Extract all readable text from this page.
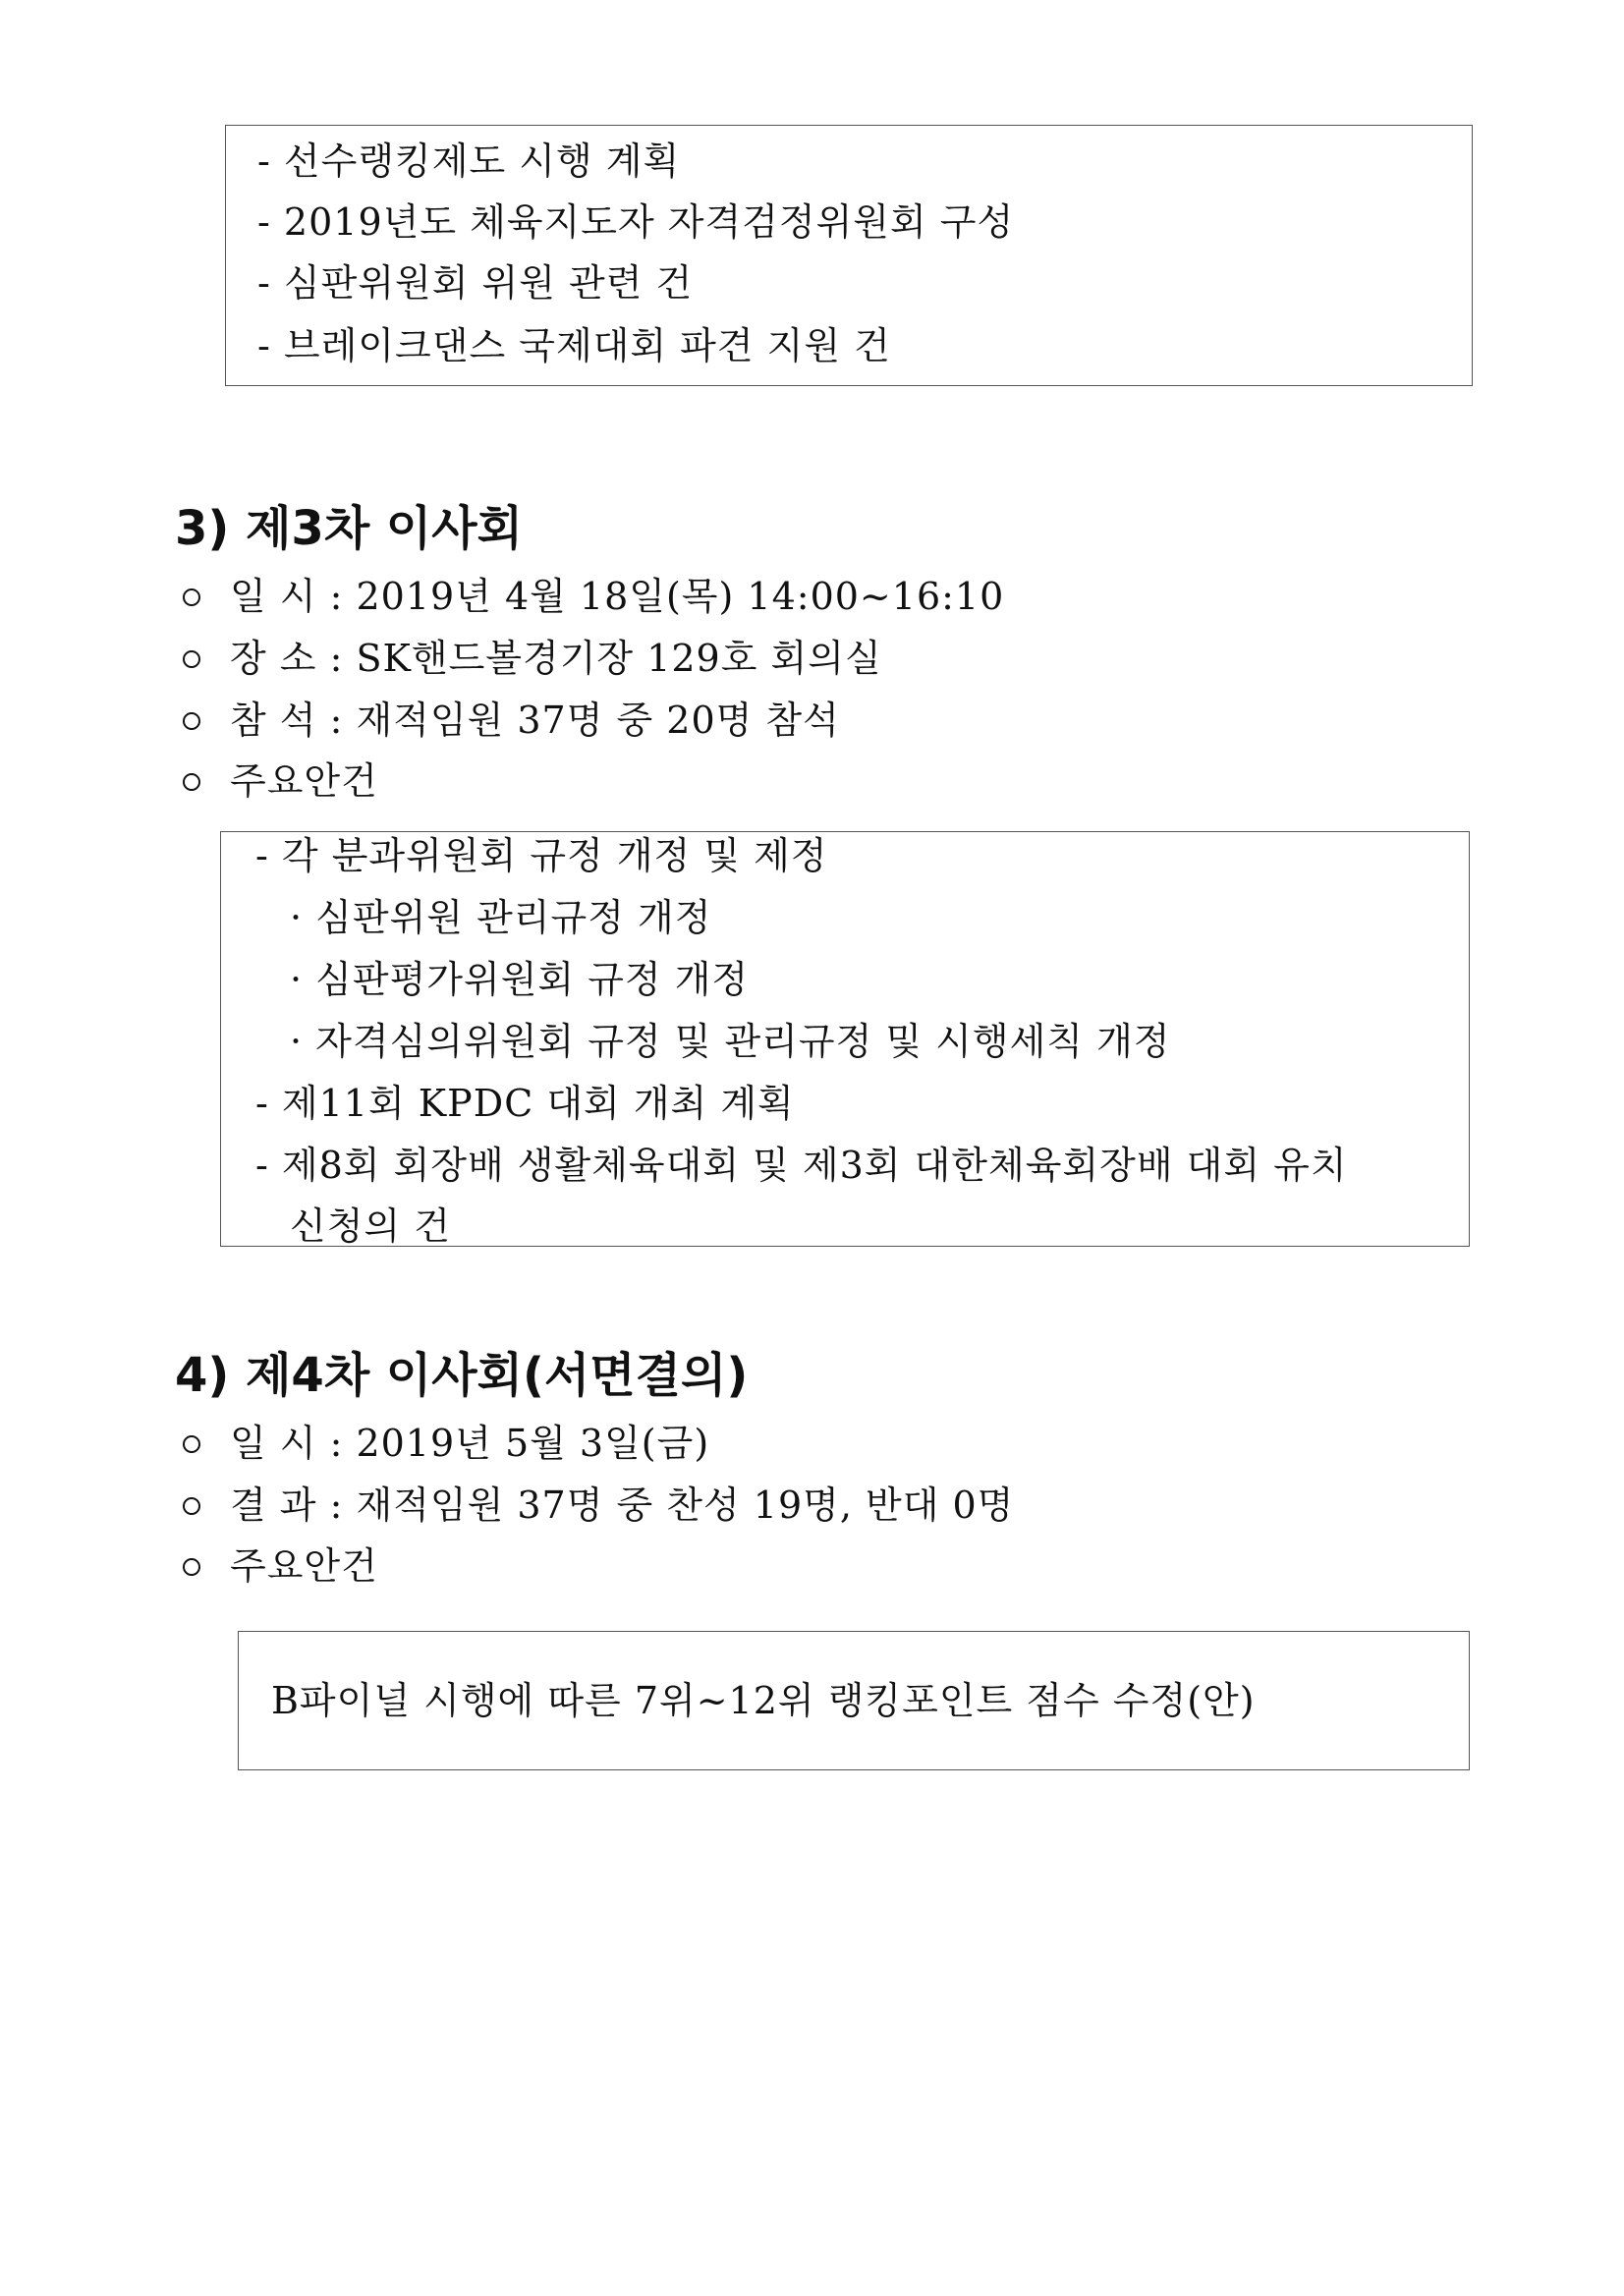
- 선수랭킹제도 시행 계획
- 2019년도 체육지도자 자격검정위원회 구성
- 심판위원회 위원 관련 건
- 브레이크댄스 국제대회 파견 지원 건
3) 제3차 이사회
일 시 : 2019년 4월 18일(목) 14:00~16:10
장 소 : SK핸드볼경기장 129호 회의실
참 석 : 재적임원 37명 중 20명 참석
주요안건
- 각 분과위원회 규정 개정 및 제정
· 심판위원 관리규정 개정
· 심판평가위원회 규정 개정
· 자격심의위원회 규정 및 관리규정 및 시행세칙 개정
- 제11회 KPDC 대회 개최 계획
- 제8회 회장배 생활체육대회 및 제3회 대한체육회장배 대회 유치
신청의 건
4) 제4차 이사회(서면결의)
일 시 : 2019년 5월 3일(금)
결 과 : 재적임원 37명 중 찬성 19명, 반대 0명
주요안건
B파이널 시행에 따른 7위~12위 랭킹포인트 점수 수정(안)
